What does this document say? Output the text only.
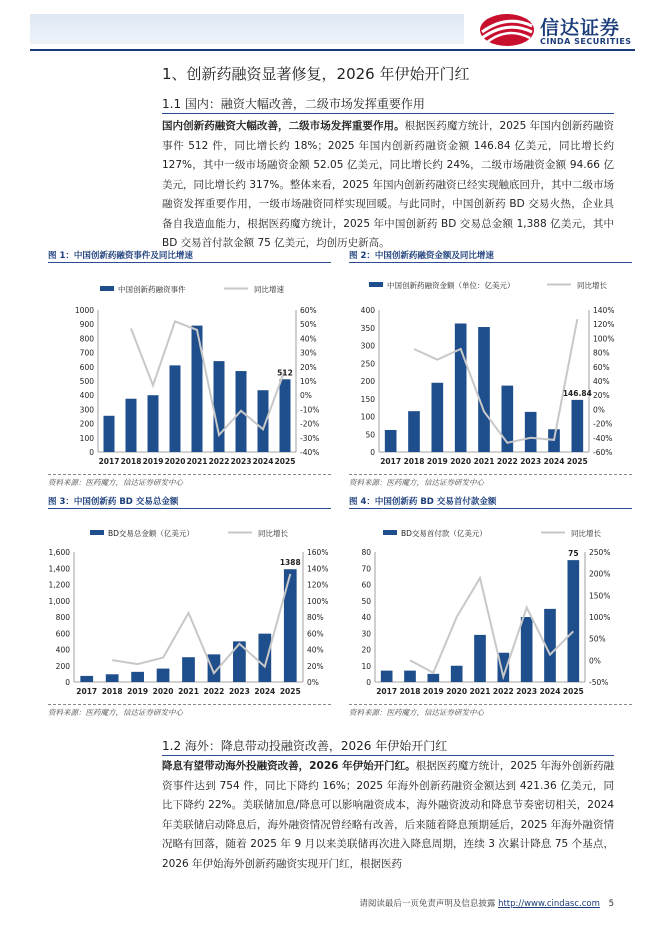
信达证券
CINDA SECURITIES
1、创新药融资显著修复，2026 年伊始开门红
1.1 国内：融资大幅改善，二级市场发挥重要作用
国内创新药融资大幅改善，二级市场发挥重要作用。根据医药魔方统计，2025 年国内创新药融资事件 512 件，同比增长约 18%；2025 年国内创新药融资金额 146.84 亿美元，同比增长约 127%，其中一级市场融资金额 52.05 亿美元，同比增长约 24%，二级市场融资金额 94.66 亿美元，同比增长约 317%。整体来看，2025 年国内创新药融资已经实现触底回升，其中二级市场融资发挥重要作用，一级市场融资同样实现回暖。与此同时，中国创新药 BD 交易火热，企业具备自我造血能力，根据医药魔方统计，2025 年中国创新药 BD 交易总金额 1,388 亿美元，其中 BD 交易首付款金额 75 亿美元，均创历史新高。
图 1：中国创新药融资事件及同比增速
中国创新药融资事件	同比增速
0
100
200
300
400
500
600
700
800
900
1000
-40%
-30%
-20%
-10%
0%
10%
20%
30%
40%
50%
60%
2017 2018 2019 2020 2021 2022 2023 2024 2025
512
资料来源：医药魔方，信达证券研发中心
图 2：中国创新药融资金额及同比增速
中国创新药融资金额（单位：亿美元）	同比增长
0
50
100
150
200
250
300
350
400
-60%
-40%
-20%
0%
20%
40%
60%
80%
100%
120%
140%
2017 2018 2019 2020 2021 2022 2023 2024 2025
146.84
资料来源：医药魔方，信达证券研发中心
图 3：中国创新药 BD 交易总金额
BD交易总金额（亿美元）	同比增长
0
200
400
600
800
1,000
1,200
1,400
1,600
0%
20%
40%
60%
80%
100%
120%
140%
160%
2017 2018 2019 2020 2021 2022 2023 2024 2025
1388
资料来源：医药魔方，信达证券研发中心
图 4：中国创新药 BD 交易首付款金额
BD交易首付款（亿美元）	同比增长
0
10
20
30
40
50
60
70
80
-50%
0%
50%
100%
150%
200%
250%
2017 2018 2019 2020 2021 2022 2023 2024 2025
75
资料来源：医药魔方，信达证券研发中心
1.2 海外：降息带动投融资改善，2026 年伊始开门红
降息有望带动海外投融资改善，2026 年伊始开门红。根据医药魔方统计，2025 年海外创新药融资事件达到 754 件，同比下降约 16%；2025 年海外创新药融资金额达到 421.36 亿美元，同比下降约 22%。美联储加息/降息可以影响融资成本，海外融资波动和降息节奏密切相关，2024 年美联储启动降息后，海外融资情况曾经略有改善，后来随着降息预期延后，2025 年海外融资情况略有回落，随着 2025 年 9 月以来美联储再次进入降息周期，连续 3 次累计降息 75 个基点，2026 年伊始海外创新药融资实现开门红，根据医药
请阅读最后一页免责声明及信息披露 http://www.cindasc.com 5
